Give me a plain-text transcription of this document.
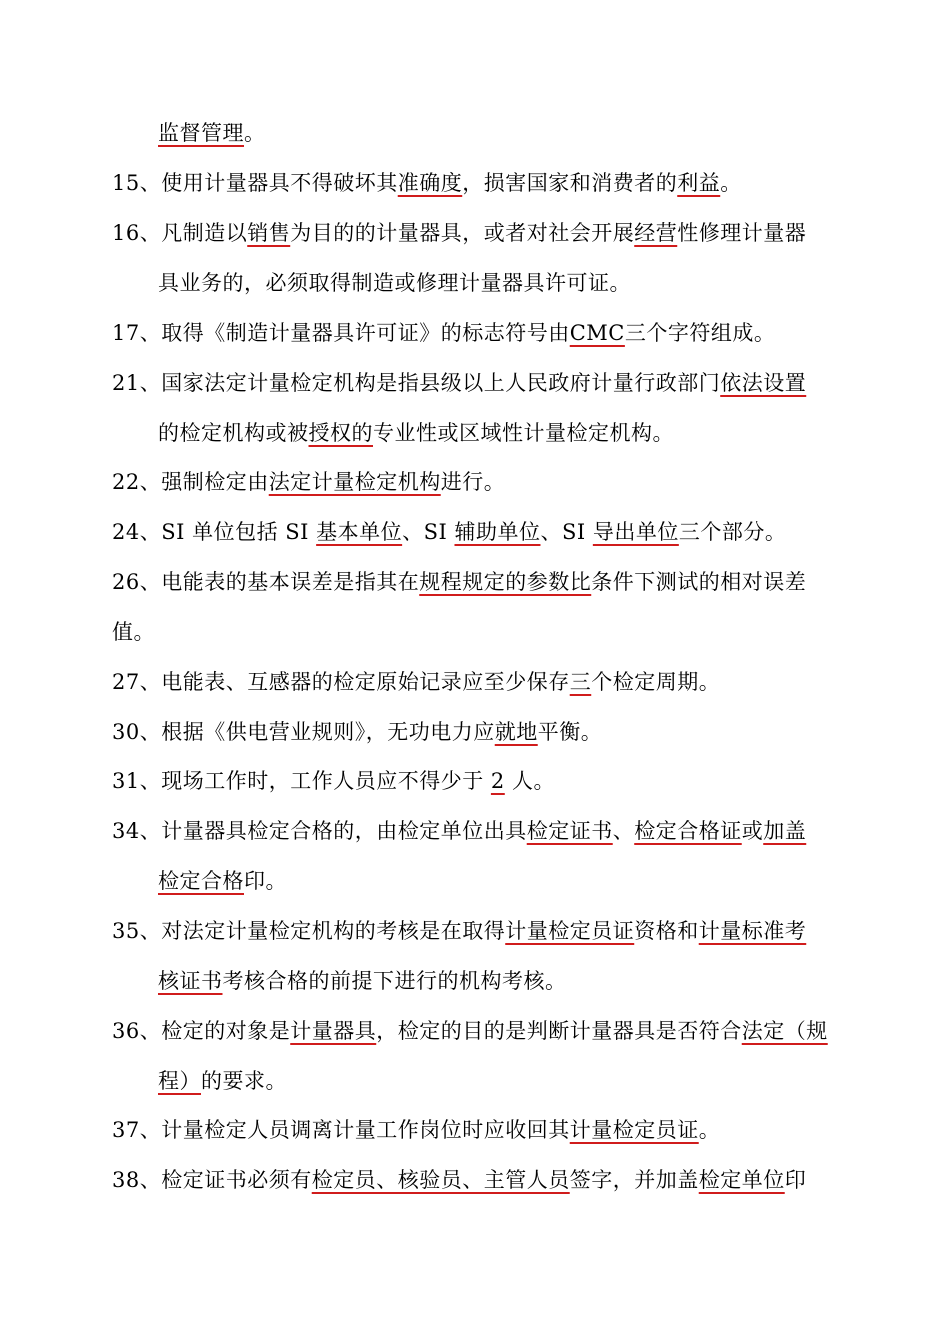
监督管理。
15、使用计量器具不得破坏其准确度，损害国家和消费者的利益。
16、凡制造以销售为目的的计量器具，或者对社会开展经营性修理计量器
具业务的，必须取得制造或修理计量器具许可证。
17、取得《制造计量器具许可证》的标志符号由CMC三个字符组成。
21、国家法定计量检定机构是指县级以上人民政府计量行政部门依法设置
的检定机构或被授权的专业性或区域性计量检定机构。
22、强制检定由法定计量检定机构进行。
24、SI 单位包括 SI 基本单位、SI 辅助单位、SI 导出单位三个部分。
26、电能表的基本误差是指其在规程规定的参数比条件下测试的相对误差
值。
27、电能表、互感器的检定原始记录应至少保存三个检定周期。
30、根据《供电营业规则》，无功电力应就地平衡。
31、现场工作时，工作人员应不得少于 2 人。
34、计量器具检定合格的，由检定单位出具检定证书、检定合格证或加盖
检定合格印。
35、对法定计量检定机构的考核是在取得计量检定员证资格和计量标准考
核证书考核合格的前提下进行的机构考核。
36、检定的对象是计量器具，检定的目的是判断计量器具是否符合法定（规
程）的要求。
37、计量检定人员调离计量工作岗位时应收回其计量检定员证。
38、检定证书必须有检定员、核验员、主管人员签字，并加盖检定单位印
